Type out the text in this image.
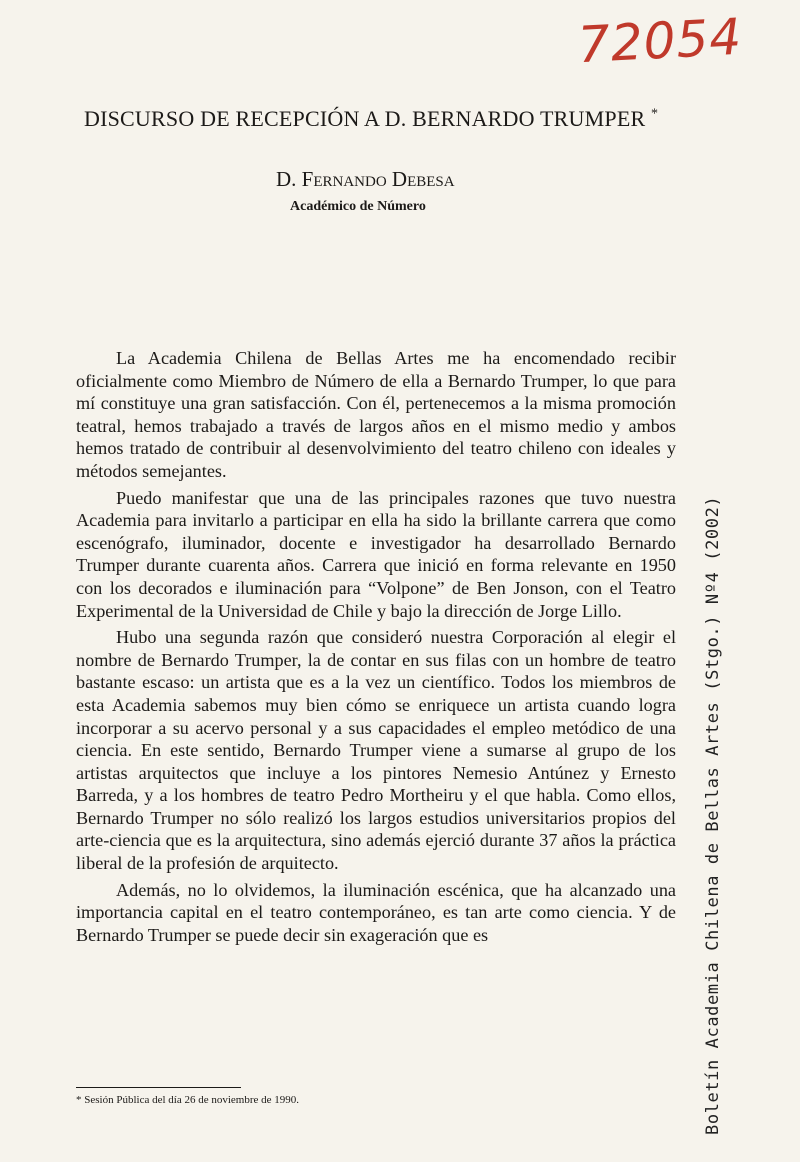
72054
DISCURSO DE RECEPCIÓN A D. BERNARDO TRUMPER *
D. Fernando Debesa
Académico de Número

La Academia Chilena de Bellas Artes me ha encomendado recibir oficialmente como Miembro de Número de ella a Bernardo Trumper, lo que para mí constituye una gran satisfacción. Con él, pertenecemos a la misma promoción teatral, hemos trabajado a través de largos años en el mismo medio y ambos hemos tratado de contribuir al desenvolvimiento del teatro chileno con ideales y métodos semejantes.

Puedo manifestar que una de las principales razones que tuvo nuestra Academia para invitarlo a participar en ella ha sido la brillante carrera que como escenógrafo, iluminador, docente e investigador ha desarrollado Bernardo Trumper durante cuarenta años. Carrera que inició en forma relevante en 1950 con los decorados e iluminación para “Volpone” de Ben Jonson, con el Teatro Experimental de la Universidad de Chile y bajo la dirección de Jorge Lillo.

Hubo una segunda razón que consideró nuestra Corporación al elegir el nombre de Bernardo Trumper, la de contar en sus filas con un hombre de teatro bastante escaso: un artista que es a la vez un científico. Todos los miembros de esta Academia sabemos muy bien cómo se enriquece un artista cuando logra incorporar a su acervo personal y a sus capacidades el empleo metódico de una ciencia. En este sentido, Bernardo Trumper viene a sumarse al grupo de los artistas arquitectos que incluye a los pintores Nemesio Antúnez y Ernesto Barreda, y a los hombres de teatro Pedro Mortheiru y el que habla. Como ellos, Bernardo Trumper no sólo realizó los largos estudios universitarios propios del arte-ciencia que es la arquitectura, sino además ejerció durante 37 años la práctica liberal de la profesión de arquitecto.

Además, no lo olvidemos, la iluminación escénica, que ha alcanzado una importancia capital en el teatro contemporáneo, es tan arte como ciencia. Y de Bernardo Trumper se puede decir sin exageración que es

* Sesión Pública del día 26 de noviembre de 1990.	Boletín Academia Chilena de Bellas Artes (Stgo.) Nº4 (2002)
